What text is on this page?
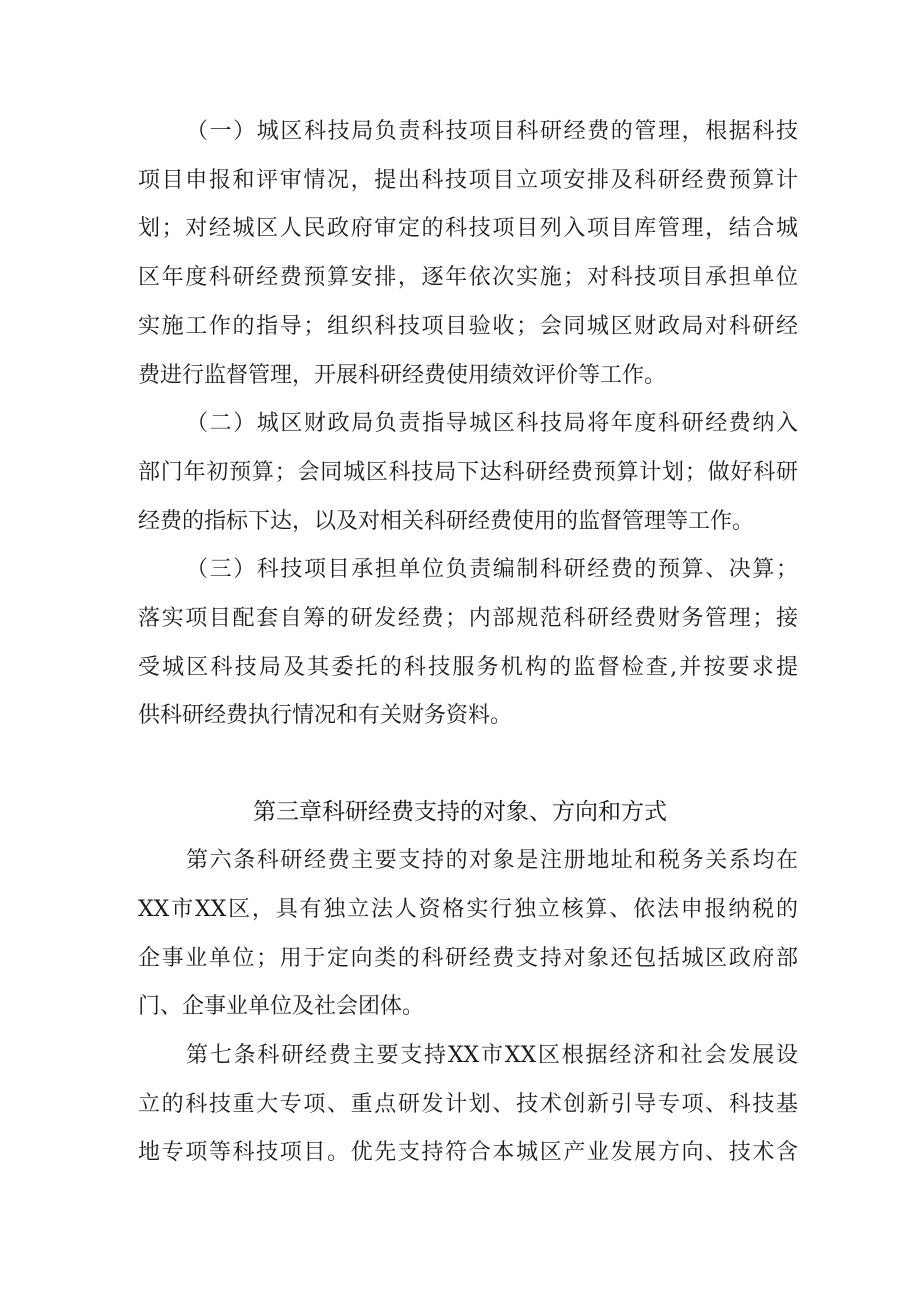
（一）城区科技局负责科技项目科研经费的管理，根据科技
项目申报和评审情况，提出科技项目立项安排及科研经费预算计
划；对经城区人民政府审定的科技项目列入项目库管理，结合城
区年度科研经费预算安排，逐年依次实施；对科技项目承担单位
实施工作的指导；组织科技项目验收；会同城区财政局对科研经
费进行监督管理，开展科研经费使用绩效评价等工作。
（二）城区财政局负责指导城区科技局将年度科研经费纳入
部门年初预算；会同城区科技局下达科研经费预算计划；做好科研
经费的指标下达，以及对相关科研经费使用的监督管理等工作。
（三）科技项目承担单位负责编制科研经费的预算、决算；
落实项目配套自筹的研发经费；内部规范科研经费财务管理；接
受城区科技局及其委托的科技服务机构的监督检查,并按要求提
供科研经费执行情况和有关财务资料。
第三章科研经费支持的对象、方向和方式
第六条科研经费主要支持的对象是注册地址和税务关系均在
XX市XX区，具有独立法人资格实行独立核算、依法申报纳税的
企事业单位；用于定向类的科研经费支持对象还包括城区政府部
门、企事业单位及社会团体。
第七条科研经费主要支持XX市XX区根据经济和社会发展设
立的科技重大专项、重点研发计划、技术创新引导专项、科技基
地专项等科技项目。优先支持符合本城区产业发展方向、技术含
